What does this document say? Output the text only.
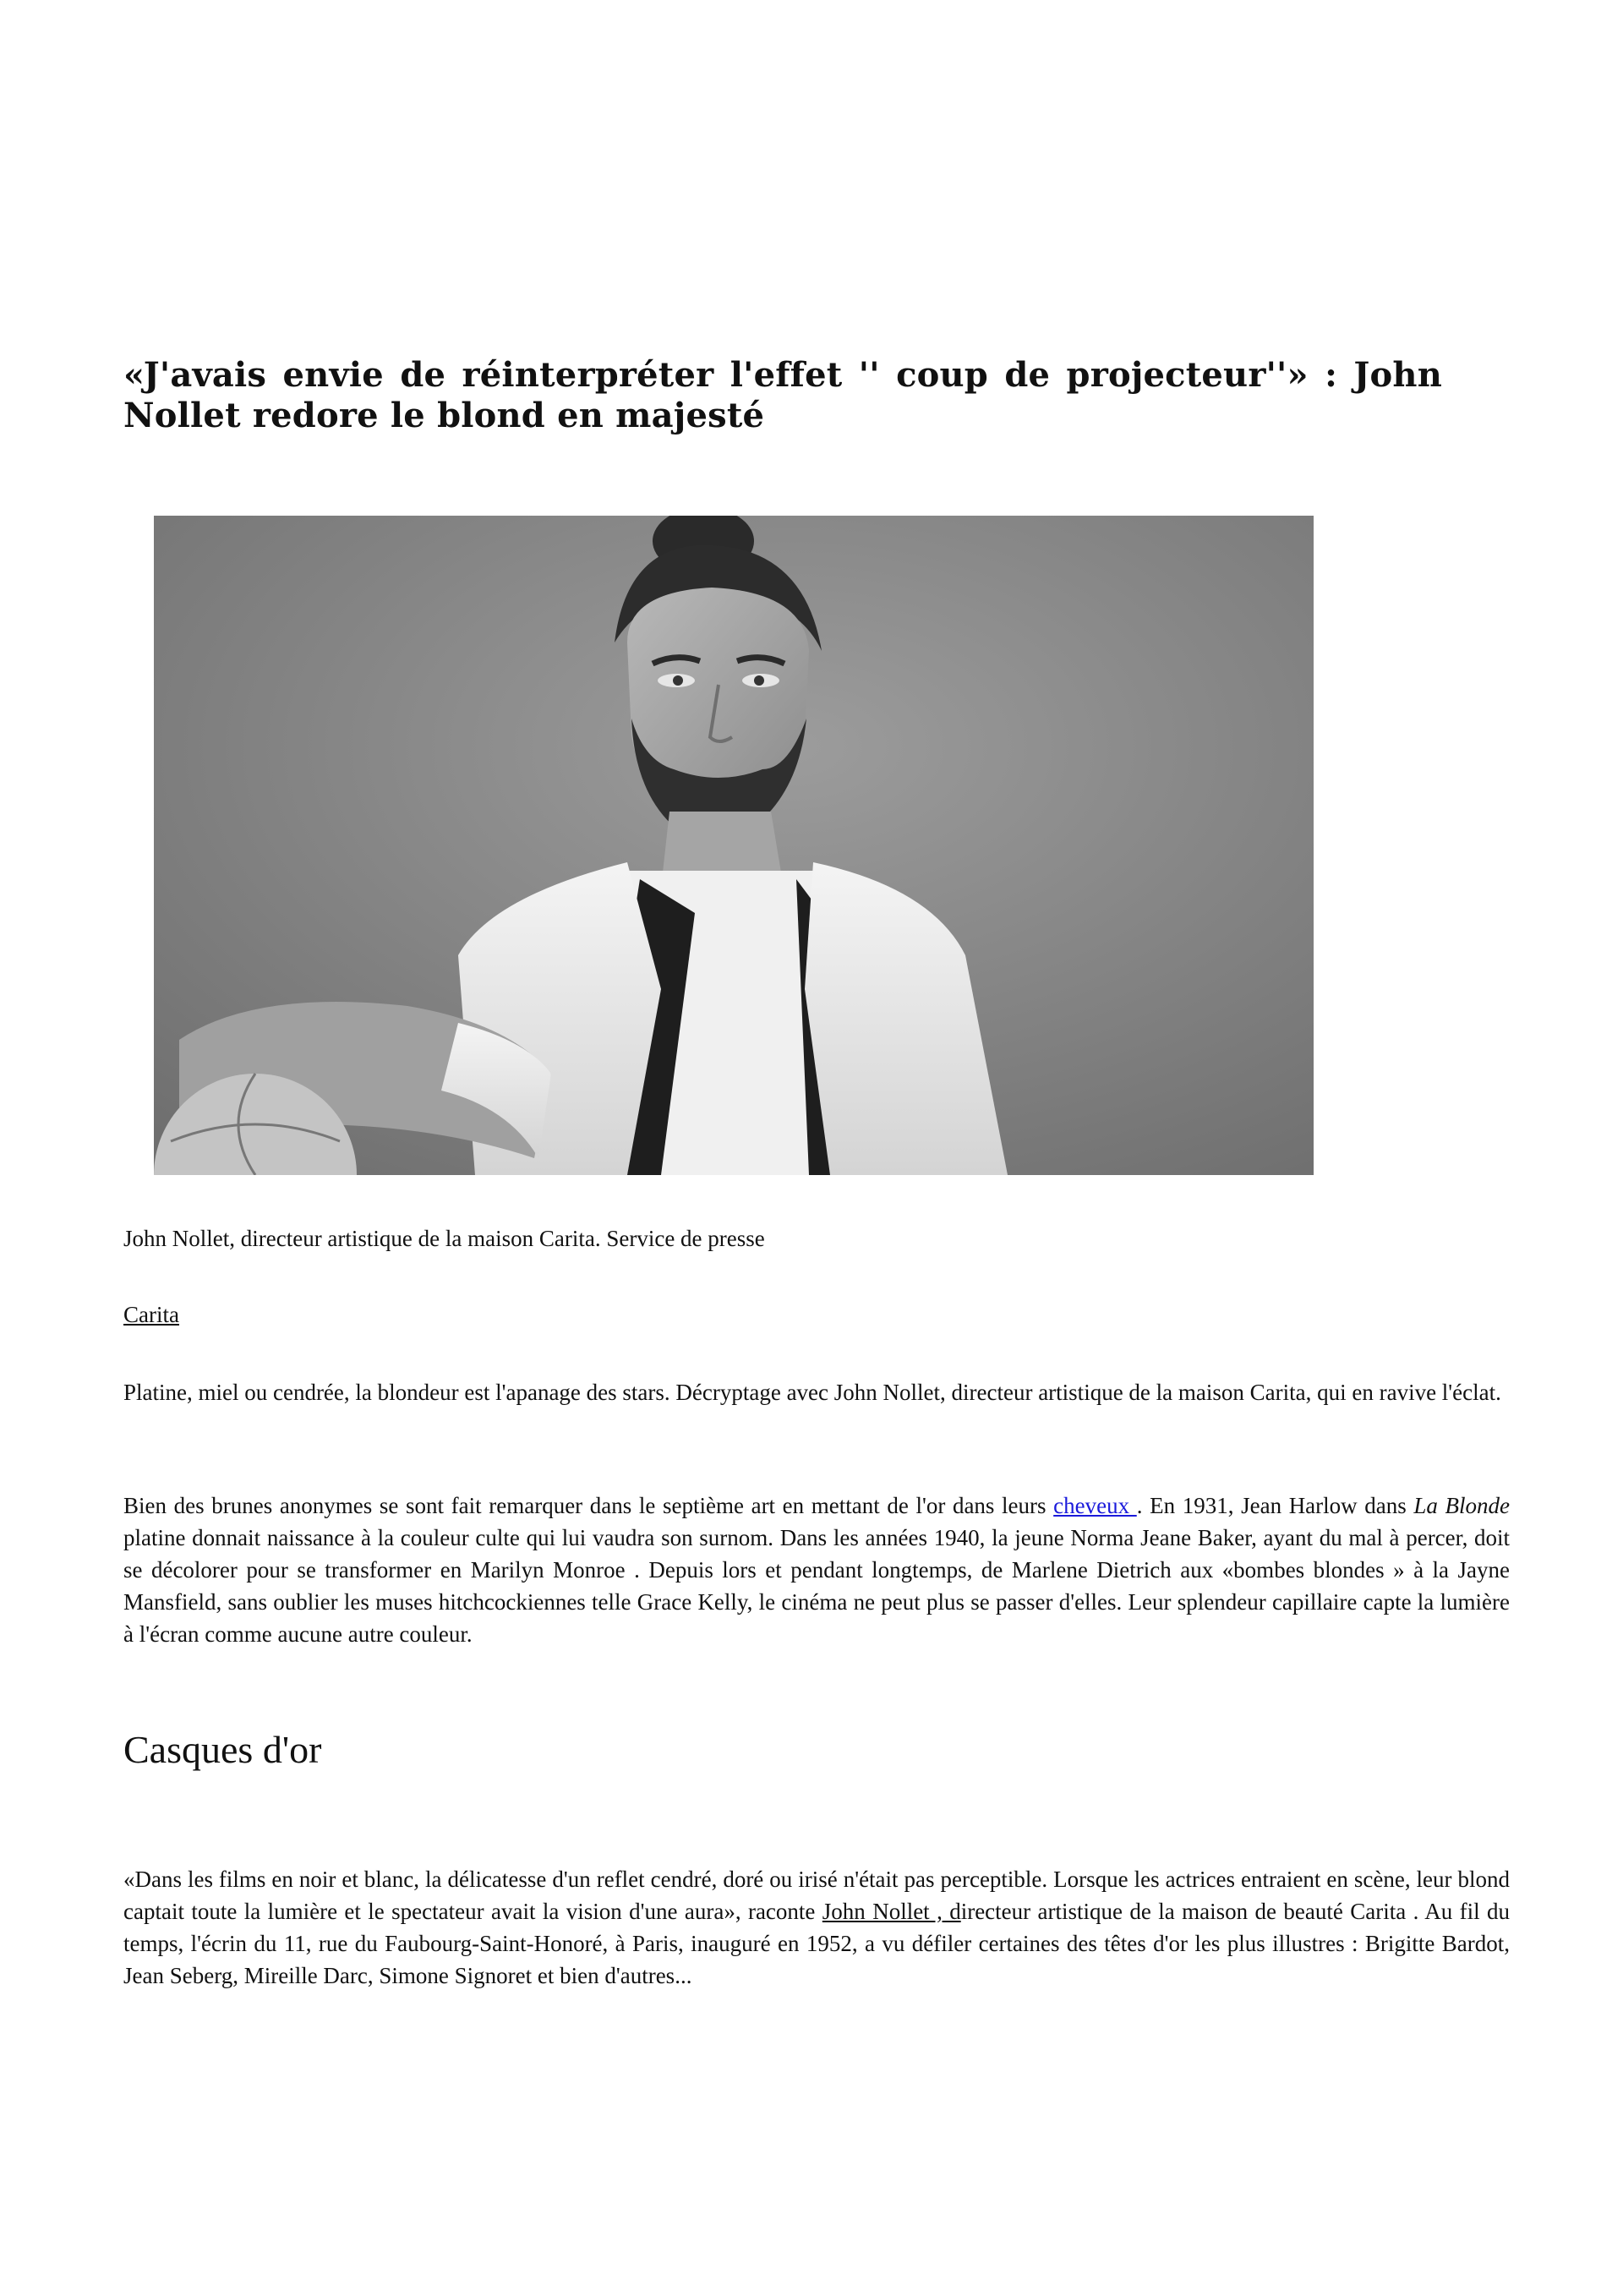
«J'avais envie de réinterpréter l'effet '' coup de projecteur''» : John Nollet redore le blond en majesté

John Nollet, directeur artistique de la maison Carita. Service de presse

Carita

Platine, miel ou cendrée, la blondeur est l'apanage des stars. Décryptage avec John Nollet, directeur artistique de la maison Carita, qui en ravive l'éclat.

Bien des brunes anonymes se sont fait remarquer dans le septième art en mettant de l'or dans leurs cheveux . En 1931, Jean Harlow dans La Blonde platine donnait naissance à la couleur culte qui lui vaudra son surnom. Dans les années 1940, la jeune Norma Jeane Baker, ayant du mal à percer, doit se décolorer pour se transformer en Marilyn Monroe . Depuis lors et pendant longtemps, de Marlene Dietrich aux «bombes blondes » à la Jayne Mansfield, sans oublier les muses hitchcockiennes telle Grace Kelly, le cinéma ne peut plus se passer d'elles. Leur splendeur capillaire capte la lumière à l'écran comme aucune autre couleur.

Casques d'or

«Dans les films en noir et blanc, la délicatesse d'un reflet cendré, doré ou irisé n'était pas perceptible. Lorsque les actrices entraient en scène, leur blond captait toute la lumière et le spectateur avait la vision d'une aura», raconte John Nollet , directeur artistique de la maison de beauté Carita . Au fil du temps, l'écrin du 11, rue du Faubourg-Saint-Honoré, à Paris, inauguré en 1952, a vu défiler certaines des têtes d'or les plus illustres : Brigitte Bardot, Jean Seberg, Mireille Darc, Simone Signoret et bien d'autres...
